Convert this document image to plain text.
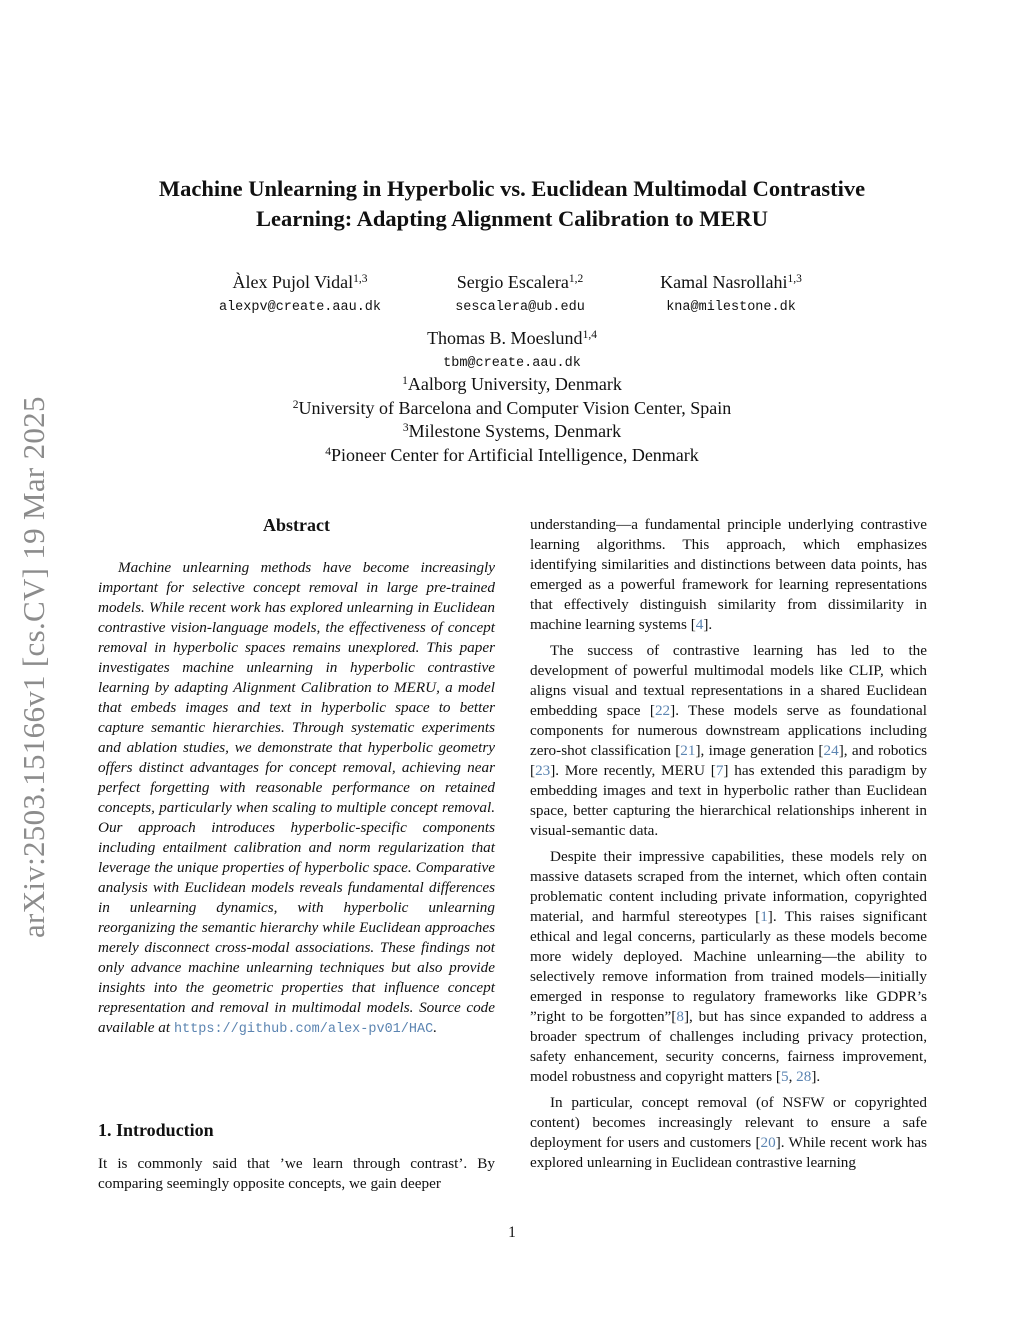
arXiv:2503.15166v1 [cs.CV] 19 Mar 2025
Machine Unlearning in Hyperbolic vs. Euclidean Multimodal Contrastive
Learning: Adapting Alignment Calibration to MERU
Àlex Pujol Vidal$^{1,3}$
alexpv@create.aau.dk
Sergio Escalera$^{1,2}$
sescalera@ub.edu
Kamal Nasrollahi$^{1,3}$
kna@milestone.dk
Thomas B. Moeslund$^{1,4}$
tbm@create.aau.dk
$^1$Aalborg University, Denmark
$^2$University of Barcelona and Computer Vision Center, Spain
$^3$Milestone Systems, Denmark
$^4$Pioneer Center for Artificial Intelligence, Denmark
Abstract

Machine unlearning methods have become increasingly important for selective concept removal in large pre-trained models. While recent work has explored unlearning in Euclidean contrastive vision-language models, the effectiveness of concept removal in hyperbolic spaces remains unexplored. This paper investigates machine unlearning in hyperbolic contrastive learning by adapting Alignment Calibration to MERU, a model that embeds images and text in hyperbolic space to better capture semantic hierarchies. Through systematic experiments and ablation studies, we demonstrate that hyperbolic geometry offers distinct advantages for concept removal, achieving near perfect forgetting with reasonable performance on retained concepts, particularly when scaling to multiple concept removal. Our approach introduces hyperbolic-specific components including entailment calibration and norm regularization that leverage the unique properties of hyperbolic space. Comparative analysis with Euclidean models reveals fundamental differences in unlearning dynamics, with hyperbolic unlearning reorganizing the semantic hierarchy while Euclidean approaches merely disconnect cross-modal associations. These findings not only advance machine unlearning techniques but also provide insights into the geometric properties that influence concept representation and removal in multimodal models. Source code available at https://github.com/alex-pv01/HAC.

1. Introduction

It is commonly said that ’we learn through contrast’. By comparing seemingly opposite concepts, we gain deeper

understanding—a fundamental principle underlying contrastive learning algorithms. This approach, which emphasizes identifying similarities and distinctions between data points, has emerged as a powerful framework for learning representations that effectively distinguish similarity from dissimilarity in machine learning systems [4].

The success of contrastive learning has led to the development of powerful multimodal models like CLIP, which aligns visual and textual representations in a shared Euclidean embedding space [22]. These models serve as foundational components for numerous downstream applications including zero-shot classification [21], image generation [24], and robotics [23]. More recently, MERU [7] has extended this paradigm by embedding images and text in hyperbolic rather than Euclidean space, better capturing the hierarchical relationships inherent in visual-semantic data.

Despite their impressive capabilities, these models rely on massive datasets scraped from the internet, which often contain problematic content including private information, copyrighted material, and harmful stereotypes [1]. This raises significant ethical and legal concerns, particularly as these models become more widely deployed. Machine unlearning—the ability to selectively remove information from trained models—initially emerged in response to regulatory frameworks like GDPR’s ”right to be forgotten”[8], but has since expanded to address a broader spectrum of challenges including privacy protection, safety enhancement, security concerns, fairness improvement, model robustness and copyright matters [5, 28].

In particular, concept removal (of NSFW or copyrighted content) becomes increasingly relevant to ensure a safe deployment for users and customers [20]. While recent work has explored unlearning in Euclidean contrastive learning

1
